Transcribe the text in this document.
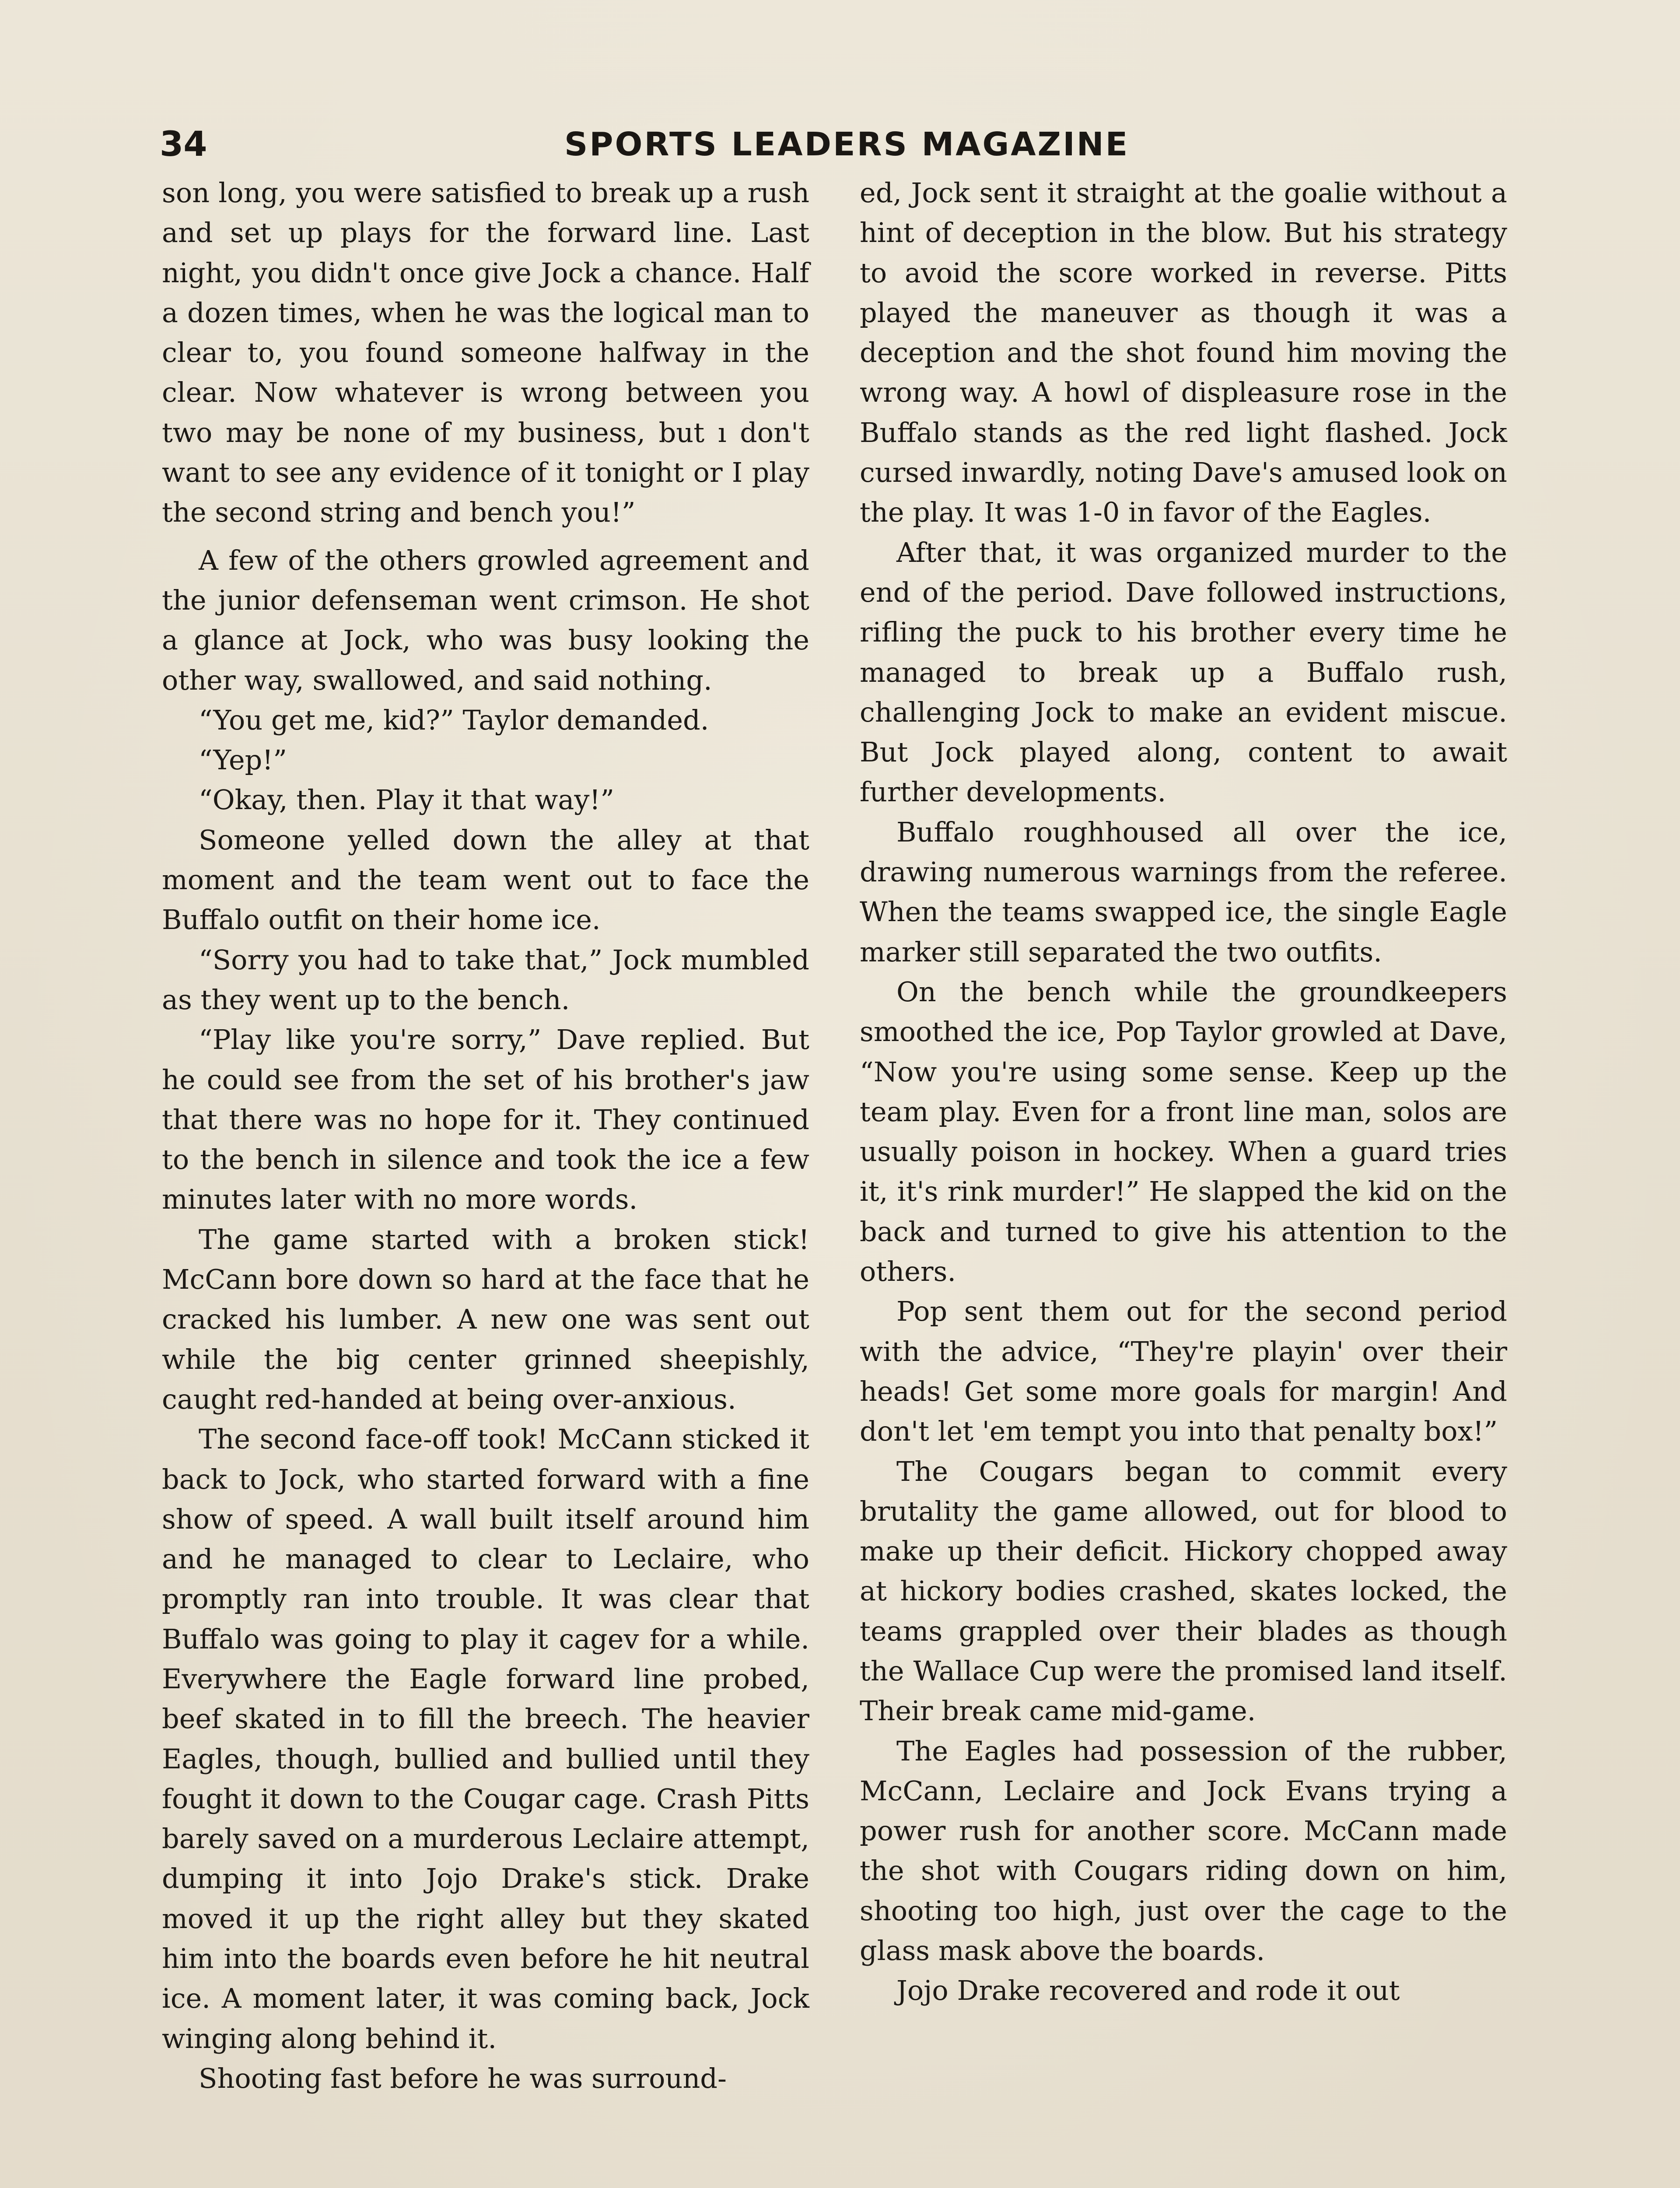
34	SPORTS LEADERS MAGAZINE

son long, you were satisfied to break up a rush and set up plays for the forward line. Last night, you didn't once give Jock a chance. Half a dozen times, when he was the logical man to clear to, you found someone halfway in the clear. Now whatever is wrong between you two may be none of my business, but ı don't want to see any evidence of it tonight or I play the second string and bench you!”

A few of the others growled agreement and the junior defenseman went crimson. He shot a glance at Jock, who was busy looking the other way, swallowed, and said nothing.

“You get me, kid?” Taylor demanded.

“Yep!”

“Okay, then. Play it that way!”

Someone yelled down the alley at that moment and the team went out to face the Buffalo outfit on their home ice.

“Sorry you had to take that,” Jock mumbled as they went up to the bench.

“Play like you're sorry,” Dave replied. But he could see from the set of his brother's jaw that there was no hope for it. They continued to the bench in silence and took the ice a few minutes later with no more words.

The game started with a broken stick! McCann bore down so hard at the face that he cracked his lumber. A new one was sent out while the big center grinned sheepishly, caught red-handed at being over-anxious.

The second face-off took! McCann sticked it back to Jock, who started forward with a fine show of speed. A wall built itself around him and he managed to clear to Leclaire, who promptly ran into trouble. It was clear that Buffalo was going to play it cagev for a while. Everywhere the Eagle forward line probed, beef skated in to fill the breech. The heavier Eagles, though, bullied and bullied until they fought it down to the Cougar cage. Crash Pitts barely saved on a murderous Leclaire attempt, dumping it into Jojo Drake's stick. Drake moved it up the right alley but they skated him into the boards even before he hit neutral ice. A moment later, it was coming back, Jock winging along behind it.

Shooting fast before he was surround-

ed, Jock sent it straight at the goalie without a hint of deception in the blow. But his strategy to avoid the score worked in reverse. Pitts played the maneuver as though it was a deception and the shot found him moving the wrong way. A howl of displeasure rose in the Buffalo stands as the red light flashed. Jock cursed inwardly, noting Dave's amused look on the play. It was 1-0 in favor of the Eagles.

After that, it was organized murder to the end of the period. Dave followed instructions, rifling the puck to his brother every time he managed to break up a Buffalo rush, challenging Jock to make an evident miscue. But Jock played along, content to await further developments.

Buffalo roughhoused all over the ice, drawing numerous warnings from the referee. When the teams swapped ice, the single Eagle marker still separated the two outfits.

On the bench while the groundkeepers smoothed the ice, Pop Taylor growled at Dave, “Now you're using some sense. Keep up the team play. Even for a front line man, solos are usually poison in hockey. When a guard tries it, it's rink murder!” He slapped the kid on the back and turned to give his attention to the others.

Pop sent them out for the second period with the advice, “They're playin' over their heads! Get some more goals for margin! And don't let 'em tempt you into that penalty box!”

The Cougars began to commit every brutality the game allowed, out for blood to make up their deficit. Hickory chopped away at hickory bodies crashed, skates locked, the teams grappled over their blades as though the Wallace Cup were the promised land itself. Their break came mid-game.

The Eagles had possession of the rubber, McCann, Leclaire and Jock Evans trying a power rush for another score. McCann made the shot with Cougars riding down on him, shooting too high, just over the cage to the glass mask above the boards.

Jojo Drake recovered and rode it out
